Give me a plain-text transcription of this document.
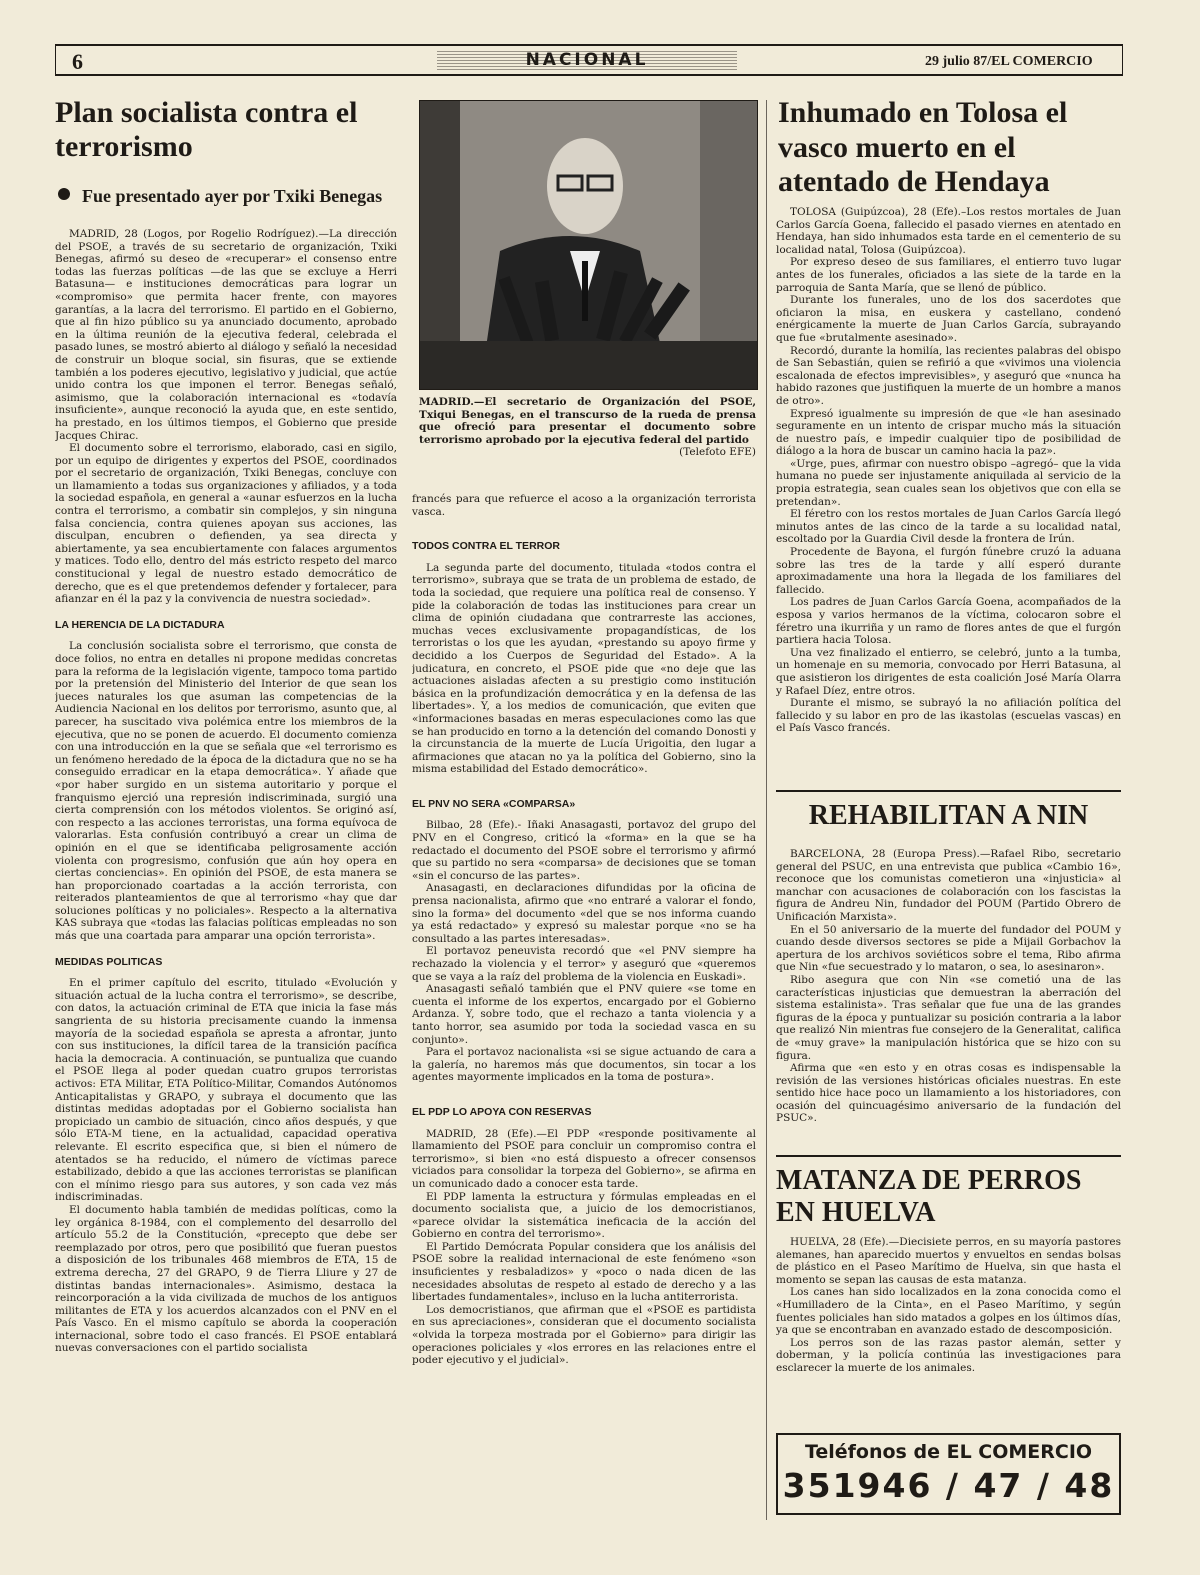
6	NACIONAL	29 julio 87/EL COMERCIO
Plan socialista contra el terrorismo
Fue presentado ayer por Txiki Benegas

MADRID, 28 (Logos, por Rogelio Rodríguez).—La dirección del PSOE, a través de su secretario de organización, Txiki Benegas, afirmó su deseo de «recuperar» el consenso entre todas las fuerzas políticas —de las que se excluye a Herri Batasuna— e instituciones democráticas para lograr un «compromiso» que permita hacer frente, con mayores garantías, a la lacra del terrorismo. El partido en el Gobierno, que al fin hizo público su ya anunciado documento, aprobado en la última reunión de la ejecutiva federal, celebrada el pasado lunes, se mostró abierto al diálogo y señaló la necesidad de construir un bloque social, sin fisuras, que se extiende también a los poderes ejecutivo, legislativo y judicial, que actúe unido contra los que imponen el terror. Benegas señaló, asimismo, que la colaboración internacional es «todavía insuficiente», aunque reconoció la ayuda que, en este sentido, ha prestado, en los últimos tiempos, el Gobierno que preside Jacques Chirac.

El documento sobre el terrorismo, elaborado, casi en sigilo, por un equipo de dirigentes y expertos del PSOE, coordinados por el secretario de organización, Txiki Benegas, concluye con un llamamiento a todas sus organizaciones y afiliados, y a toda la sociedad española, en general a «aunar esfuerzos en la lucha contra el terrorismo, a combatir sin complejos, y sin ninguna falsa conciencia, contra quienes apoyan sus acciones, las disculpan, encubren o defienden, ya sea directa y abiertamente, ya sea encubiertamente con falaces argumentos y matices. Todo ello, dentro del más estricto respeto del marco constitucional y legal de nuestro estado democrático de derecho, que es el que pretendemos defender y fortalecer, para afianzar en él la paz y la convivencia de nuestra sociedad».

LA HERENCIA DE LA DICTADURA

La conclusión socialista sobre el terrorismo, que consta de doce folios, no entra en detalles ni propone medidas concretas para la reforma de la legislación vigente, tampoco toma partido por la pretensión del Ministerio del Interior de que sean los jueces naturales los que asuman las competencias de la Audiencia Nacional en los delitos por terrorismo, asunto que, al parecer, ha suscitado viva polémica entre los miembros de la ejecutiva, que no se ponen de acuerdo. El documento comienza con una introducción en la que se señala que «el terrorismo es un fenómeno heredado de la época de la dictadura que no se ha conseguido erradicar en la etapa democrática». Y añade que «por haber surgido en un sistema autoritario y porque el franquismo ejerció una represión indiscriminada, surgió una cierta comprensión con los métodos violentos. Se originó así, con respecto a las acciones terroristas, una forma equívoca de valorarlas. Esta confusión contribuyó a crear un clima de opinión en el que se identificaba peligrosamente acción violenta con progresismo, confusión que aún hoy opera en ciertas conciencias». En opinión del PSOE, de esta manera se han proporcionado coartadas a la acción terrorista, con reiterados planteamientos de que al terrorismo «hay que dar soluciones políticas y no policiales». Respecto a la alternativa KAS subraya que «todas las falacias políticas empleadas no son más que una coartada para amparar una opción terrorista».

MEDIDAS POLITICAS

En el primer capítulo del escrito, titulado «Evolución y situación actual de la lucha contra el terrorismo», se describe, con datos, la actuación criminal de ETA que inicia la fase más sangrienta de su historia precisamente cuando la inmensa mayoría de la sociedad española se apresta a afrontar, junto con sus instituciones, la difícil tarea de la transición pacífica hacia la democracia. A continuación, se puntualiza que cuando el PSOE llega al poder quedan cuatro grupos terroristas activos: ETA Militar, ETA Político-Militar, Comandos Autónomos Anticapitalistas y GRAPO, y subraya el documento que las distintas medidas adoptadas por el Gobierno socialista han propiciado un cambio de situación, cinco años después, y que sólo ETA-M tiene, en la actualidad, capacidad operativa relevante. El escrito especifica que, si bien el número de atentados se ha reducido, el número de víctimas parece estabilizado, debido a que las acciones terroristas se planifican con el mínimo riesgo para sus autores, y son cada vez más indiscriminadas.

El documento habla también de medidas políticas, como la ley orgánica 8-1984, con el complemento del desarrollo del artículo 55.2 de la Constitución, «precepto que debe ser reemplazado por otros, pero que posibilitó que fueran puestos a disposición de los tribunales 468 miembros de ETA, 15 de extrema derecha, 27 del GRAPO, 9 de Tierra Lliure y 27 de distintas bandas internacionales». Asimismo, destaca la reincorporación a la vida civilizada de muchos de los antiguos militantes de ETA y los acuerdos alcanzados con el PNV en el País Vasco. En el mismo capítulo se aborda la cooperación internacional, sobre todo el caso francés. El PSOE entablará nuevas conversaciones con el partido socialista

MADRID.—El secretario de Organización del PSOE, Txiqui Benegas, en el transcurso de la rueda de prensa que ofreció para presentar el documento sobre terrorismo aprobado por la ejecutiva federal del partido
(Telefoto EFE)

francés para que refuerce el acoso a la organización terrorista vasca.

TODOS CONTRA EL TERROR

La segunda parte del documento, titulada «todos contra el terrorismo», subraya que se trata de un problema de estado, de toda la sociedad, que requiere una política real de consenso. Y pide la colaboración de todas las instituciones para crear un clima de opinión ciudadana que contrarreste las acciones, muchas veces exclusivamente propagandísticas, de los terroristas o los que les ayudan, «prestando su apoyo firme y decidido a los Cuerpos de Seguridad del Estado». A la judicatura, en concreto, el PSOE pide que «no deje que las actuaciones aisladas afecten a su prestigio como institución básica en la profundización democrática y en la defensa de las libertades». Y, a los medios de comunicación, que eviten que «informaciones basadas en meras especulaciones como las que se han producido en torno a la detención del comando Donosti y la circunstancia de la muerte de Lucía Urigoitia, den lugar a afirmaciones que atacan no ya la política del Gobierno, sino la misma estabilidad del Estado democrático».

EL PNV NO SERA «COMPARSA»

Bilbao, 28 (Efe).- Iñaki Anasagasti, portavoz del grupo del PNV en el Congreso, criticó la «forma» en la que se ha redactado el documento del PSOE sobre el terrorismo y afirmó que su partido no sera «comparsa» de decisiones que se toman «sin el concurso de las partes».

Anasagasti, en declaraciones difundidas por la oficina de prensa nacionalista, afirmo que «no entraré a valorar el fondo, sino la forma» del documento «del que se nos informa cuando ya está redactado» y expresó su malestar porque «no se ha consultado a las partes interesadas».

El portavoz peneuvista recordó que «el PNV siempre ha rechazado la violencia y el terror» y aseguró que «queremos que se vaya a la raíz del problema de la violencia en Euskadi».

Anasagasti señaló también que el PNV quiere «se tome en cuenta el informe de los expertos, encargado por el Gobierno Ardanza. Y, sobre todo, que el rechazo a tanta violencia y a tanto horror, sea asumido por toda la sociedad vasca en su conjunto».

Para el portavoz nacionalista «si se sigue actuando de cara a la galería, no haremos más que documentos, sin tocar a los agentes mayormente implicados en la toma de postura».

EL PDP LO APOYA CON RESERVAS

MADRID, 28 (Efe).—El PDP «responde positivamente al llamamiento del PSOE para concluir un compromiso contra el terrorismo», si bien «no está dispuesto a ofrecer consensos viciados para consolidar la torpeza del Gobierno», se afirma en un comunicado dado a conocer esta tarde.

El PDP lamenta la estructura y fórmulas empleadas en el documento socialista que, a juicio de los democristianos, «parece olvidar la sistemática ineficacia de la acción del Gobierno en contra del terrorismo».

El Partido Demócrata Popular considera que los análisis del PSOE sobre la realidad internacional de este fenómeno «son insuficientes y resbaladizos» y «poco o nada dicen de las necesidades absolutas de respeto al estado de derecho y a las libertades fundamentales», incluso en la lucha antiterrorista.

Los democristianos, que afirman que el «PSOE es partidista en sus apreciaciones», consideran que el documento socialista «olvida la torpeza mostrada por el Gobierno» para dirigir las operaciones policiales y «los errores en las relaciones entre el poder ejecutivo y el judicial».

Inhumado en Tolosa el vasco muerto en el atentado de Hendaya

TOLOSA (Guipúzcoa), 28 (Efe).–Los restos mortales de Juan Carlos García Goena, fallecido el pasado viernes en atentado en Hendaya, han sido inhumados esta tarde en el cementerio de su localidad natal, Tolosa (Guipúzcoa).

Por expreso deseo de sus familiares, el entierro tuvo lugar antes de los funerales, oficiados a las siete de la tarde en la parroquia de Santa María, que se llenó de público.

Durante los funerales, uno de los dos sacerdotes que oficiaron la misa, en euskera y castellano, condenó enérgicamente la muerte de Juan Carlos García, subrayando que fue «brutalmente asesinado».

Recordó, durante la homilía, las recientes palabras del obispo de San Sebastián, quien se refirió a que «vivimos una violencia escalonada de efectos imprevisibles», y aseguró que «nunca ha habido razones que justifiquen la muerte de un hombre a manos de otro».

Expresó igualmente su impresión de que «le han asesinado seguramente en un intento de crispar mucho más la situación de nuestro país, e impedir cualquier tipo de posibilidad de diálogo a la hora de buscar un camino hacia la paz».

«Urge, pues, afirmar con nuestro obispo –agregó– que la vida humana no puede ser injustamente aniquilada al servicio de la propia estrategia, sean cuales sean los objetivos que con ella se pretendan».

El féretro con los restos mortales de Juan Carlos García llegó minutos antes de las cinco de la tarde a su localidad natal, escoltado por la Guardia Civil desde la frontera de Irún.

Procedente de Bayona, el furgón fúnebre cruzó la aduana sobre las tres de la tarde y allí esperó durante aproximadamente una hora la llegada de los familiares del fallecido.

Los padres de Juan Carlos García Goena, acompañados de la esposa y varios hermanos de la víctima, colocaron sobre el féretro una ikurriña y un ramo de flores antes de que el furgón partiera hacia Tolosa.

Una vez finalizado el entierro, se celebró, junto a la tumba, un homenaje en su memoria, convocado por Herri Batasuna, al que asistieron los dirigentes de esta coalición José María Olarra y Rafael Díez, entre otros.

Durante el mismo, se subrayó la no afiliación política del fallecido y su labor en pro de las ikastolas (escuelas vascas) en el País Vasco francés.

REHABILITAN A NIN

BARCELONA, 28 (Europa Press).—Rafael Ribo, secretario general del PSUC, en una entrevista que publica «Cambio 16», reconoce que los comunistas cometieron una «injusticia» al manchar con acusaciones de colaboración con los fascistas la figura de Andreu Nin, fundador del POUM (Partido Obrero de Unificación Marxista».

En el 50 aniversario de la muerte del fundador del POUM y cuando desde diversos sectores se pide a Mijail Gorbachov la apertura de los archivos soviéticos sobre el tema, Ribo afirma que Nin «fue secuestrado y lo mataron, o sea, lo asesinaron».

Ribo asegura que con Nin «se cometió una de las características injusticias que demuestran la aberración del sistema estalinista». Tras señalar que fue una de las grandes figuras de la época y puntualizar su posición contraria a la labor que realizó Nin mientras fue consejero de la Generalitat, califica de «muy grave» la manipulación histórica que se hizo con su figura.

Afirma que «en esto y en otras cosas es indispensable la revisión de las versiones históricas oficiales nuestras. En este sentido hice hace poco un llamamiento a los historiadores, con ocasión del quincuagésimo aniversario de la fundación del PSUC».

MATANZA DE PERROS EN HUELVA

HUELVA, 28 (Efe).—Diecisiete perros, en su mayoría pastores alemanes, han aparecido muertos y envueltos en sendas bolsas de plástico en el Paseo Marítimo de Huelva, sin que hasta el momento se sepan las causas de esta matanza.

Los canes han sido localizados en la zona conocida como el «Humilladero de la Cinta», en el Paseo Marítimo, y según fuentes policiales han sido matados a golpes en los últimos días, ya que se encontraban en avanzado estado de descomposición.

Los perros son de las razas pastor alemán, setter y doberman, y la policía continúa las investigaciones para esclarecer la muerte de los animales.

Teléfonos de EL COMERCIO
351946 / 47 / 48
